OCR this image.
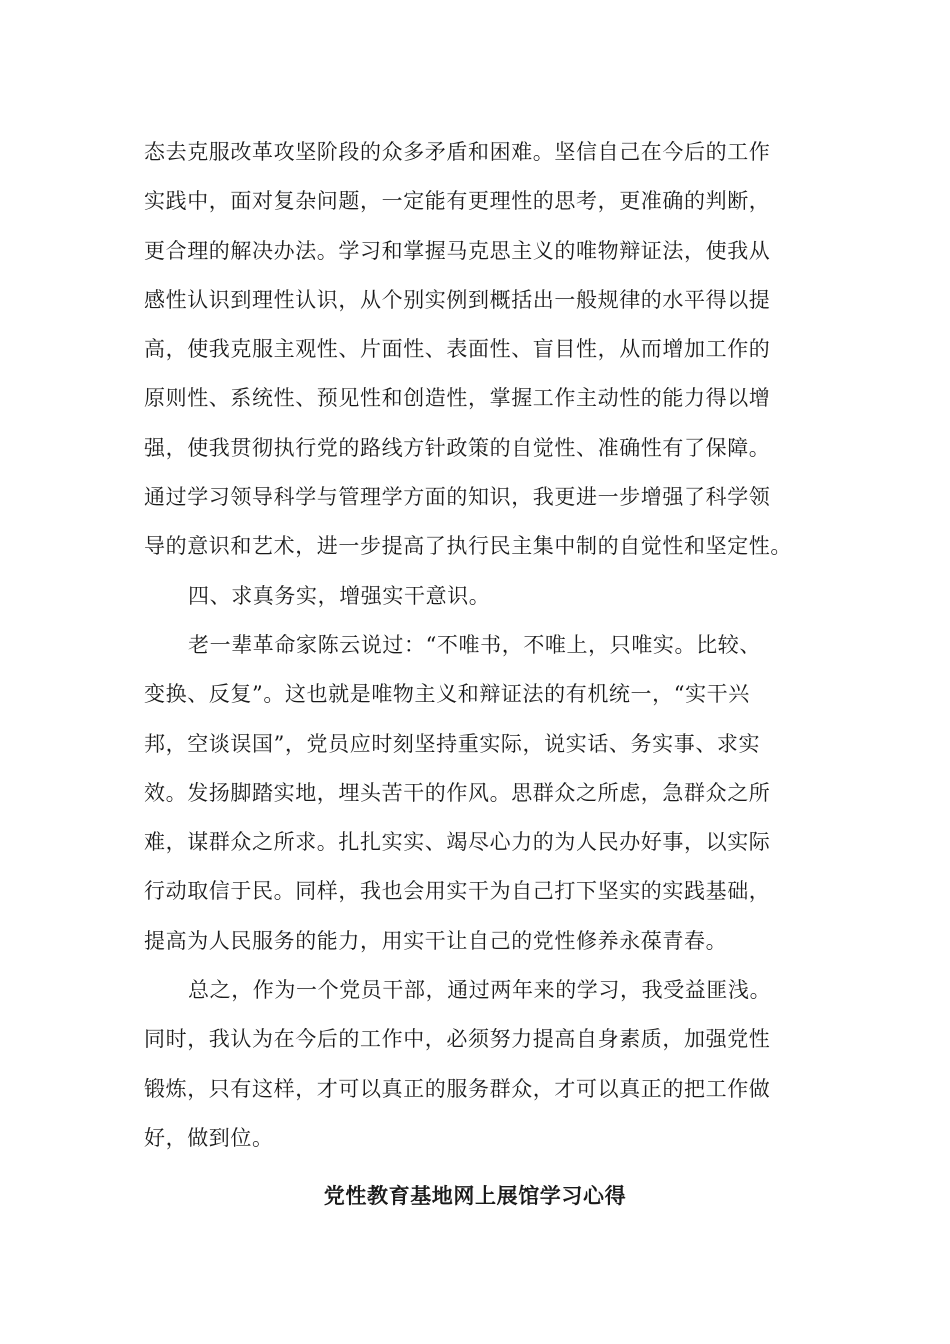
态去克服改革攻坚阶段的众多矛盾和困难。坚信自己在今后的工作
实践中，面对复杂问题，一定能有更理性的思考，更准确的判断，
更合理的解决办法。学习和掌握马克思主义的唯物辩证法，使我从
感性认识到理性认识，从个别实例到概括出一般规律的水平得以提
高，使我克服主观性、片面性、表面性、盲目性，从而增加工作的
原则性、系统性、预见性和创造性，掌握工作主动性的能力得以增
强，使我贯彻执行党的路线方针政策的自觉性、准确性有了保障。
通过学习领导科学与管理学方面的知识，我更进一步增强了科学领
导的意识和艺术，进一步提高了执行民主集中制的自觉性和坚定性。
四、求真务实，增强实干意识。
老一辈革命家陈云说过：“不唯书，不唯上，只唯实。比较、
变换、反复”。这也就是唯物主义和辩证法的有机统一，“实干兴
邦，空谈误国”，党员应时刻坚持重实际，说实话、务实事、求实
效。发扬脚踏实地，埋头苦干的作风。思群众之所虑，急群众之所
难，谋群众之所求。扎扎实实、竭尽心力的为人民办好事，以实际
行动取信于民。同样，我也会用实干为自己打下坚实的实践基础，
提高为人民服务的能力，用实干让自己的党性修养永葆青春。
总之，作为一个党员干部，通过两年来的学习，我受益匪浅。
同时，我认为在今后的工作中，必须努力提高自身素质，加强党性
锻炼，只有这样，才可以真正的服务群众，才可以真正的把工作做
好，做到位。
党性教育基地网上展馆学习心得
